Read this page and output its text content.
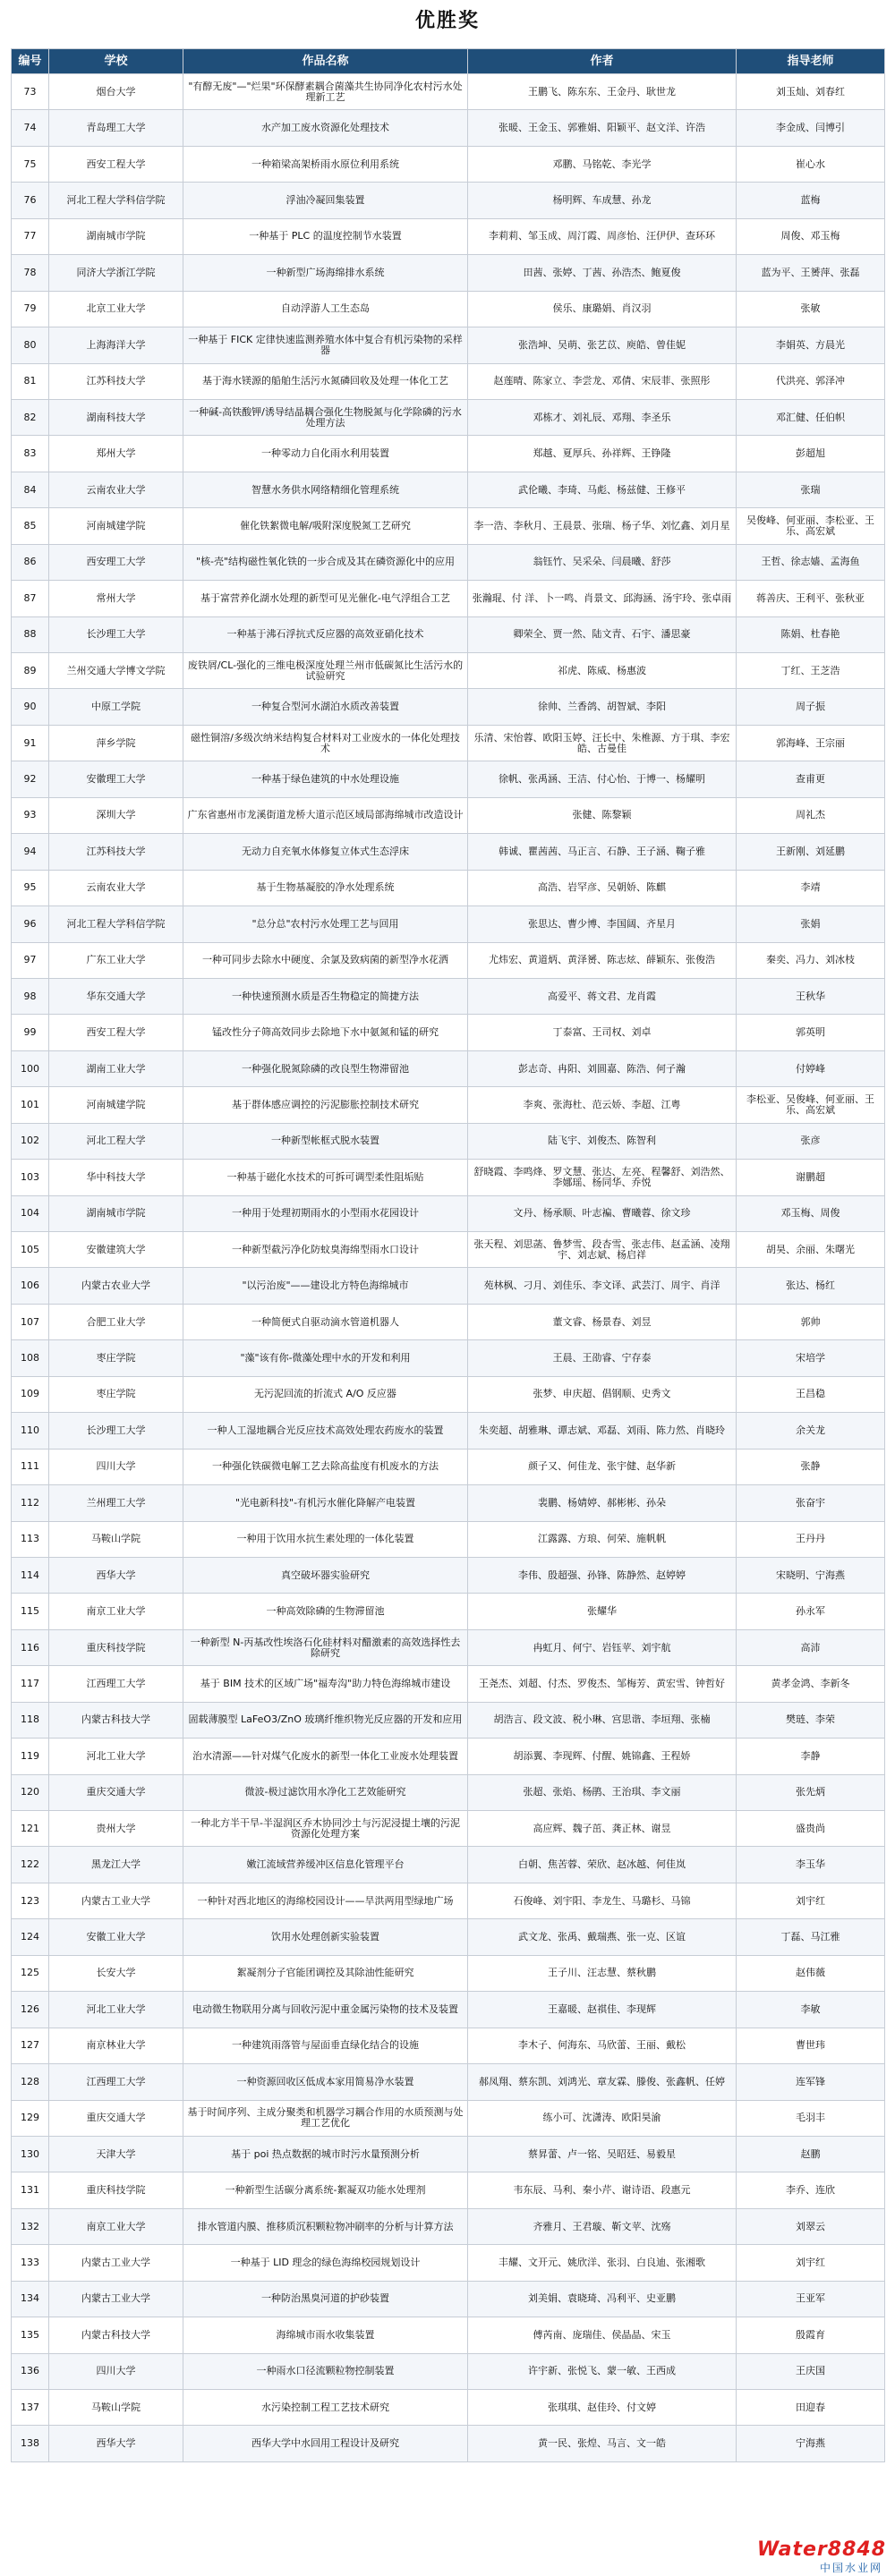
优胜奖
编号	学校	作品名称	作者	指导老师
73	烟台大学	"有醇无废"—"烂果"环保酵素耦合菌藻共生协同净化农村污水处理新工艺	王鹏飞、陈东东、王金丹、耿世龙	刘玉灿、刘春红
74	青岛理工大学	水产加工废水资源化处理技术	张暖、王金玉、郭雅娟、阳颖平、赵文洋、许浩	李金成、闫博引
75	西安工程大学	一种箱梁高架桥雨水原位利用系统	邓鹏、马铭乾、李光学	崔心水
76	河北工程大学科信学院	浮油冷凝回集装置	杨明辉、车成慧、孙龙	蓝梅
77	湖南城市学院	一种基于 PLC 的温度控制节水装置	李莉莉、邹玉成、周汀霞、周彦怡、汪伊伊、查环环	周俊、邓玉梅
78	同济大学浙江学院	一种新型广场海绵排水系统	田茜、张婷、丁茜、孙浩杰、鲍夏俊	蓝为平、王赟萍、张磊
79	北京工业大学	自动浮游人工生态岛	侯乐、康璐娟、肖汉羽	张敏
80	上海海洋大学	一种基于 FICK 定律快速监测养殖水体中复合有机污染物的采样器	张浩坤、吴萌、张艺苡、庾皓、曾佳妮	李娟英、方晨光
81	江苏科技大学	基于海水镁源的船舶生活污水氮磷回收及处理一体化工艺	赵莲晴、陈家立、李尝龙、邓倩、宋辰菲、张照彤	代洪亮、郭泽冲
82	湖南科技大学	一种碱-高铁酸钾/诱导结晶耦合强化生物脱氮与化学除磷的污水处理方法	邓栋才、刘礼辰、邓翔、李圣乐	邓汇健、任伯帜
83	郑州大学	一种零动力自化雨水利用装置	郑越、夏厚兵、孙祥辉、王铮隆	彭超旭
84	云南农业大学	智慧水务供水网络精细化管理系统	武伦曦、李琦、马彪、杨兹健、王修平	张瑞
85	河南城建学院	催化铁絮微电解/吸附深度脱氮工艺研究	李一浩、李秋月、王晨景、张瑞、杨子华、刘忆鑫、刘月星	吴俊峰、何亚丽、李松亚、王乐、高宏斌
86	西安理工大学	"核-壳"结构磁性氧化铁的一步合成及其在磷资源化中的应用	翁钰竹、吴采朵、闫晨曦、舒莎	王哲、徐志嫱、孟海鱼
87	常州大学	基于富营养化湖水处理的新型可见光催化-电气浮组合工艺	张瀚琨、付 洋、卜一鸣、肖景文、邱海涵、汤宇玲、张卓雨	蒋善庆、王利平、张秋亚
88	长沙理工大学	一种基于沸石浮抗式反应器的高效亚硝化技术	卿荣全、贾一然、陆文青、石宇、潘思豪	陈娟、杜春艳
89	兰州交通大学博文学院	废铁屑/CL-强化的三维电极深度处理兰州市低碳氮比生活污水的试验研究	祁虎、陈威、杨惠波	丁红、王芝浩
90	中原工学院	一种复合型河水湖泊水质改善装置	徐帅、兰香鸽、胡智斌、李阳	周子振
91	萍乡学院	磁性铜溶/多级次纳米结构复合材料对工业废水的一体化处理技术	乐清、宋怡蓉、欧阳玉婷、汪长中、朱椎源、方于琪、李宏皓、古曼佳	郭海峰、王宗丽
92	安徽理工大学	一种基于绿色建筑的中水处理设施	徐帆、张禹涵、王洁、付心怡、于博一、杨耀明	查甫更
93	深圳大学	广东省惠州市龙溪街道龙桥大道示范区域局部海绵城市改造设计	张健、陈黎颖	周礼杰
94	江苏科技大学	无动力自充氧水体修复立体式生态浮床	韩诚、瞿茜茜、马正言、石静、王子涵、鞠子雅	王新刚、刘延鹏
95	云南农业大学	基于生物基凝胶的净水处理系统	高浩、岩罕彦、吴朝娇、陈麒	李靖
96	河北工程大学科信学院	"总分总"农村污水处理工艺与回用	张思达、曹少博、李国阔、齐星月	张娟
97	广东工业大学	一种可同步去除水中硬度、余氯及致病菌的新型净水花洒	尤炜宏、黄道炳、黄泽赟、陈志炫、薛颖东、张俊浩	秦奕、冯力、刘冰枝
98	华东交通大学	一种快速预测水质是否生物稳定的简捷方法	高爱平、蒋文君、龙肖霞	王秋华
99	西安工程大学	锰改性分子筛高效同步去除地下水中氨氮和锰的研究	丁泰富、王司权、刘卓	郭英明
100	湖南工业大学	一种强化脱氮除磷的改良型生物滞留池	彭志奇、冉阳、刘圆嘉、陈浩、何子瀚	付婷峰
101	河南城建学院	基于群体感应调控的污泥膨胀控制技术研究	李爽、张海杜、范云娇、李超、江粤	李松亚、吴俊峰、何亚丽、王乐、高宏斌
102	河北工程大学	一种新型帐框式脱水装置	陆飞宇、刘俊杰、陈智利	张彦
103	华中科技大学	一种基于磁化水技术的可拆可调型柔性阻垢贴	舒晓霞、李鸣烽、罗文慧、张达、左亮、程馨舒、刘浩然、李娜瑶、杨同华、乔悦	谢鹏超
104	湖南城市学院	一种用于处理初期雨水的小型雨水花园设计	文丹、杨承顺、叶志褊、曹曦蓉、徐文珍	邓玉梅、周俊
105	安徽建筑大学	一种新型截污净化防蚊臭海绵型雨水口设计	张天程、刘思菡、鲁梦雪、段杏雪、张志伟、赵孟涵、凌翔宇、刘志斌、杨启祥	胡昊、余丽、朱曙光
106	内蒙古农业大学	"以污治废"——建设北方特色海绵城市	苑林枫、刁月、刘佳乐、李文译、武芸汀、周宇、肖洋	张达、杨红
107	合肥工业大学	一种简便式自驱动滴水管道机器人	董文睿、杨景春、刘昱	郭帅
108	枣庄学院	"藻"该有你-微藻处理中水的开发和利用	王晨、王劭睿、宁存泰	宋培学
109	枣庄学院	无污泥回流的折流式 A/O 反应器	张梦、申庆超、倡钢顺、史秀文	王昌稳
110	长沙理工大学	一种人工湿地耦合光反应技术高效处理农药废水的装置	朱奕超、胡雅琳、谭志斌、邓磊、刘雨、陈力然、肖晓玲	余关龙
111	四川大学	一种强化铁碳微电解工艺去除高盐度有机废水的方法	颜子又、何佳龙、张宇健、赵华新	张静
112	兰州理工大学	"光电新科技"-有机污水催化降解产电装置	裴鹏、杨婧婷、郝彬彬、孙朵	张奋宇
113	马鞍山学院	一种用于饮用水抗生素处理的一体化装置	江露露、方琅、何荣、施帆帆	王丹丹
114	西华大学	真空破坏器实验研究	李伟、殷超强、孙锋、陈静然、赵婷婷	宋晓明、宁海燕
115	南京工业大学	一种高效除磷的生物滞留池	张耀华	孙永军
116	重庆科技学院	一种新型 N-丙基改性埃洛石化硅材料对醋激素的高效选择性去除研究	冉虹月、何宁、岩钰苹、刘宇航	高沛
117	江西理工大学	基于 BIM 技术的区域广场"福寿沟"助力特色海绵城市建设	王尧杰、刘超、付杰、罗俊杰、邹梅芳、黄宏雪、钟哲好	黄孝金鸿、李新冬
118	内蒙古科技大学	固载薄膜型 LaFeO3/ZnO 玻璃纤维织物光反应器的开发和应用	胡浩言、段文波、税小琳、宫思谐、李垣翔、张楠	樊琏、李荣
119	河北工业大学	治水清源——针对煤气化废水的新型一体化工业废水处理装置	胡添翼、李现辉、付醒、姚锦鑫、王程娇	李静
120	重庆交通大学	微波-极过滤饮用水净化工艺效能研究	张超、张焰、杨鹃、王治琪、李文丽	张先炳
121	贵州大学	一种北方半干旱-半湿润区乔木协同沙土与污泥浸提土壤的污泥资源化处理方案	高应辉、魏子茁、龚正林、谢昱	盛贵尚
122	黑龙江大学	嫩江流域营养缓冲区信息化管理平台	白朝、焦苦蓉、荣欣、赵冰越、何佳岚	李玉华
123	内蒙古工业大学	一种针对西北地区的海绵校园设计——旱洪两用型绿地广场	石俊峰、刘宇阳、李龙生、马璐杉、马锦	刘宇红
124	安徽工业大学	饮用水处理创新实验装置	武文龙、张禹、戴瑞燕、张一克、区谊	丁磊、马江雅
125	长安大学	絮凝剂分子官能团调控及其除油性能研究	王子川、汪志慧、蔡秋鹏	赵伟薇
126	河北工业大学	电动微生物联用分离与回收污泥中重金属污染物的技术及装置	王嘉暖、赵祺佳、李现辉	李敏
127	南京林业大学	一种建筑雨落管与屋面垂直绿化结合的设施	李木子、何海东、马欣蕾、王丽、戴松	曹世玮
128	江西理工大学	一种资源回收区低成本家用简易净水装置	郝凤翔、蔡东凯、刘鸿光、章友霖、滕俊、张鑫帆、任婷	连军锋
129	重庆交通大学	基于时间序列、主成分聚类和机器学习耦合作用的水质预测与处理工艺优化	练小可、沈潇涛、欧阳昊渝	毛羽丰
130	天津大学	基于 poi 热点数据的城市时污水量预测分析	蔡昇蕾、卢一铭、吴昭廷、易毅星	赵鹏
131	重庆科技学院	一种新型生活碳分离系统-絮凝双功能水处理剂	韦东辰、马利、秦小芹、谢诗语、段惠元	李乔、连欣
132	南京工业大学	排水管道内膜、推移质沉积颗粒物冲刷率的分析与计算方法	齐雅月、王君璇、靳文苹、沈殇	刘翠云
133	内蒙古工业大学	一种基于 LID 理念的绿色海绵校园规划设计	丰耀、文开元、姚欣洋、张羽、白良迪、张湘歌	刘宇红
134	内蒙古工业大学	一种防治黑臭河道的护砂装置	刘美娟、袁晓琦、冯利平、史亚鹏	王亚军
135	内蒙古科技大学	海绵城市雨水收集装置	傅芮南、庞瑞佳、侯晶晶、宋玉	殷霞育
136	四川大学	一种雨水口径流颗粒物控制装置	许宇新、张悦飞、蒙一敏、王西成	王庆国
137	马鞍山学院	水污染控制工程工艺技术研究	张琪琪、赵佳玲、付文婷	田迎春
138	西华大学	西华大学中水回用工程设计及研究	黄一民、张煌、马言、文一皓	宁海燕
Water8848
中国水业网
